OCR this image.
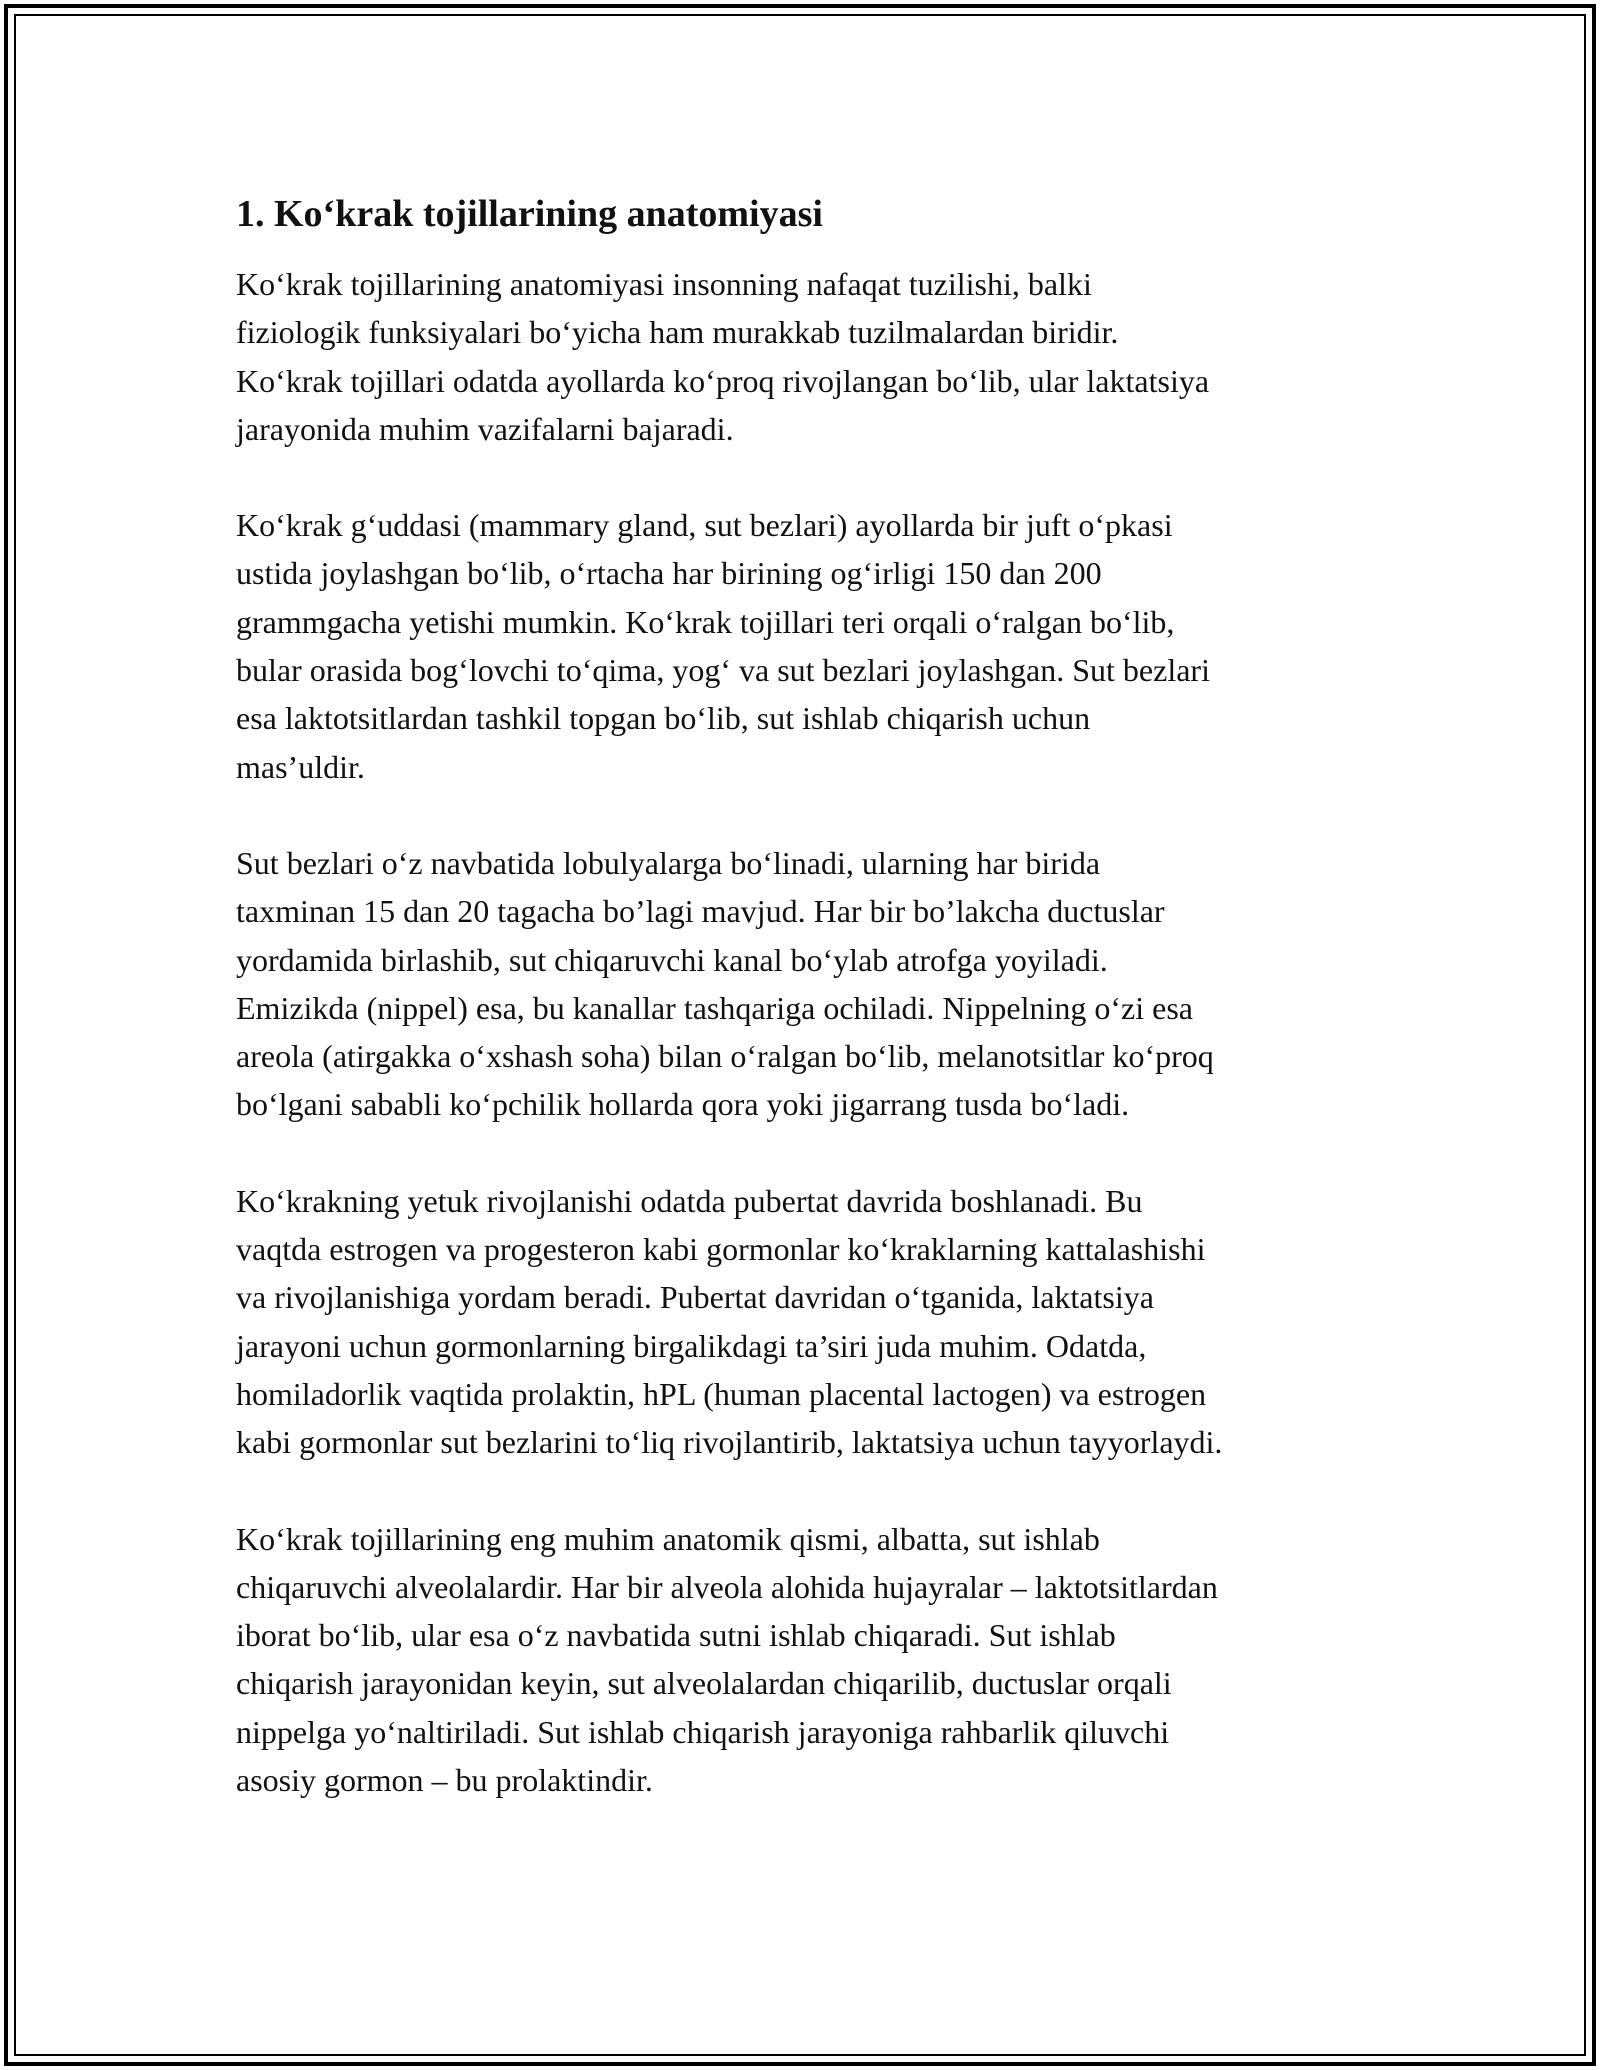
1. Ko‘krak tojillarining anatomiyasi

Ko‘krak tojillarining anatomiyasi insonning nafaqat tuzilishi, balki
fiziologik funksiyalari bo‘yicha ham murakkab tuzilmalardan biridir.
Ko‘krak tojillari odatda ayollarda ko‘proq rivojlangan bo‘lib, ular laktatsiya
jarayonida muhim vazifalarni bajaradi.

Ko‘krak g‘uddasi (mammary gland, sut bezlari) ayollarda bir juft o‘pkasi
ustida joylashgan bo‘lib, o‘rtacha har birining og‘irligi 150 dan 200
grammgacha yetishi mumkin. Ko‘krak tojillari teri orqali o‘ralgan bo‘lib,
bular orasida bog‘lovchi to‘qima, yog‘ va sut bezlari joylashgan. Sut bezlari
esa laktotsitlardan tashkil topgan bo‘lib, sut ishlab chiqarish uchun
mas’uldir.

Sut bezlari o‘z navbatida lobulyalarga bo‘linadi, ularning har birida
taxminan 15 dan 20 tagacha bo’lagi mavjud. Har bir bo’lakcha ductuslar
yordamida birlashib, sut chiqaruvchi kanal bo‘ylab atrofga yoyiladi.
Emizikda (nippel) esa, bu kanallar tashqariga ochiladi. Nippelning o‘zi esa
areola (atirgakka o‘xshash soha) bilan o‘ralgan bo‘lib, melanotsitlar ko‘proq
bo‘lgani sababli ko‘pchilik hollarda qora yoki jigarrang tusda bo‘ladi.

Ko‘krakning yetuk rivojlanishi odatda pubertat davrida boshlanadi. Bu
vaqtda estrogen va progesteron kabi gormonlar ko‘kraklarning kattalashishi
va rivojlanishiga yordam beradi. Pubertat davridan o‘tganida, laktatsiya
jarayoni uchun gormonlarning birgalikdagi ta’siri juda muhim. Odatda,
homiladorlik vaqtida prolaktin, hPL (human placental lactogen) va estrogen
kabi gormonlar sut bezlarini to‘liq rivojlantirib, laktatsiya uchun tayyorlaydi.

Ko‘krak tojillarining eng muhim anatomik qismi, albatta, sut ishlab
chiqaruvchi alveolalardir. Har bir alveola alohida hujayralar – laktotsitlardan
iborat bo‘lib, ular esa o‘z navbatida sutni ishlab chiqaradi. Sut ishlab
chiqarish jarayonidan keyin, sut alveolalardan chiqarilib, ductuslar orqali
nippelga yo‘naltiriladi. Sut ishlab chiqarish jarayoniga rahbarlik qiluvchi
asosiy gormon – bu prolaktindir.
